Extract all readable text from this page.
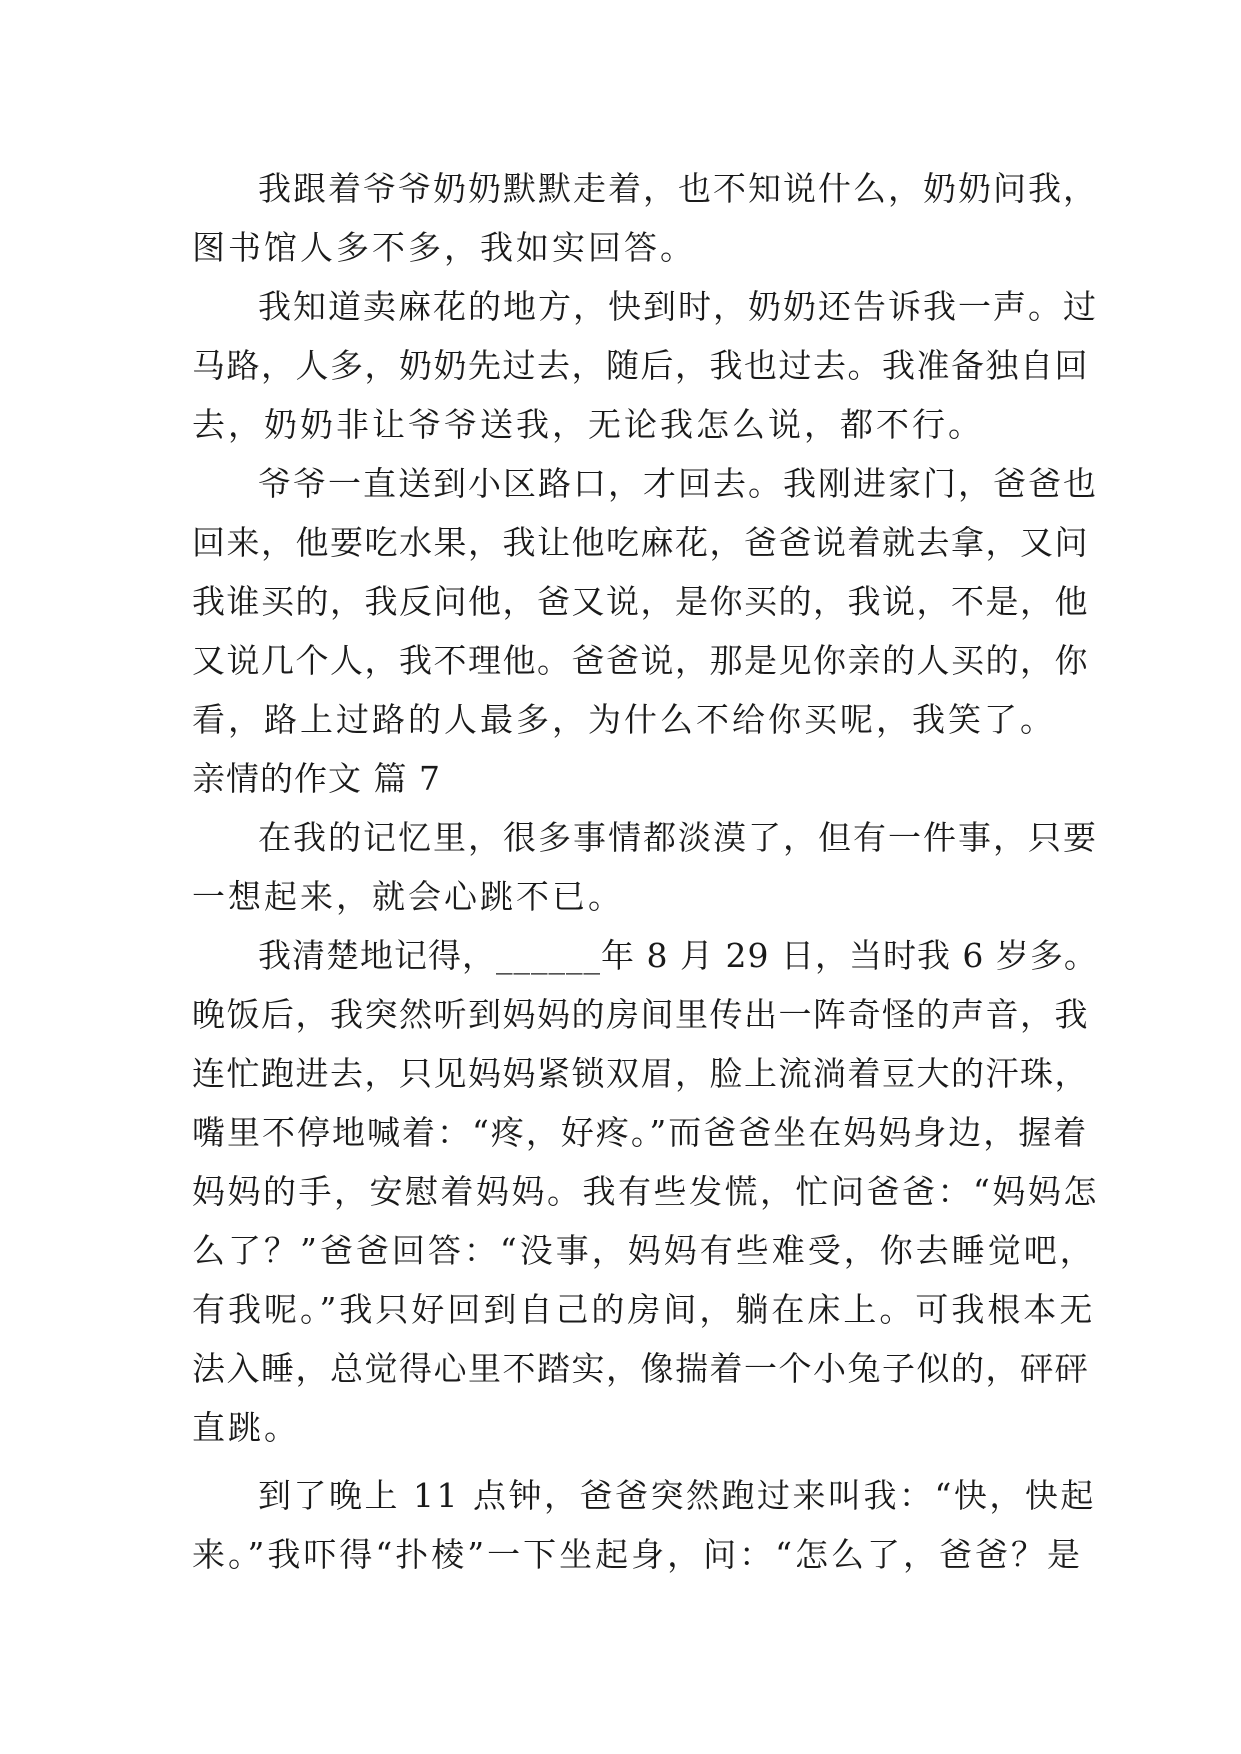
我跟着爷爷奶奶默默走着，也不知说什么，奶奶问我，
图书馆人多不多，我如实回答。
我知道卖麻花的地方，快到时，奶奶还告诉我一声。过
马路，人多，奶奶先过去，随后，我也过去。我准备独自回
去，奶奶非让爷爷送我，无论我怎么说，都不行。
爷爷一直送到小区路口，才回去。我刚进家门，爸爸也
回来，他要吃水果，我让他吃麻花，爸爸说着就去拿，又问
我谁买的，我反问他，爸又说，是你买的，我说，不是，他
又说几个人，我不理他。爸爸说，那是见你亲的人买的，你
看，路上过路的人最多，为什么不给你买呢，我笑了。
亲情的作文 篇 7
在我的记忆里，很多事情都淡漠了，但有一件事，只要
一想起来，就会心跳不已。
我清楚地记得，______年 8 月 29 日，当时我 6 岁多。
晚饭后，我突然听到妈妈的房间里传出一阵奇怪的声音，我
连忙跑进去，只见妈妈紧锁双眉，脸上流淌着豆大的汗珠，
嘴里不停地喊着：“疼，好疼。”而爸爸坐在妈妈身边，握着
妈妈的手，安慰着妈妈。我有些发慌，忙问爸爸：“妈妈怎
么了？”爸爸回答：“没事，妈妈有些难受，你去睡觉吧，
有我呢。”我只好回到自己的房间，躺在床上。可我根本无
法入睡，总觉得心里不踏实，像揣着一个小兔子似的，砰砰
直跳。
到了晚上 11 点钟，爸爸突然跑过来叫我：“快，快起
来。”我吓得“扑棱”一下坐起身，问：“怎么了，爸爸？是
